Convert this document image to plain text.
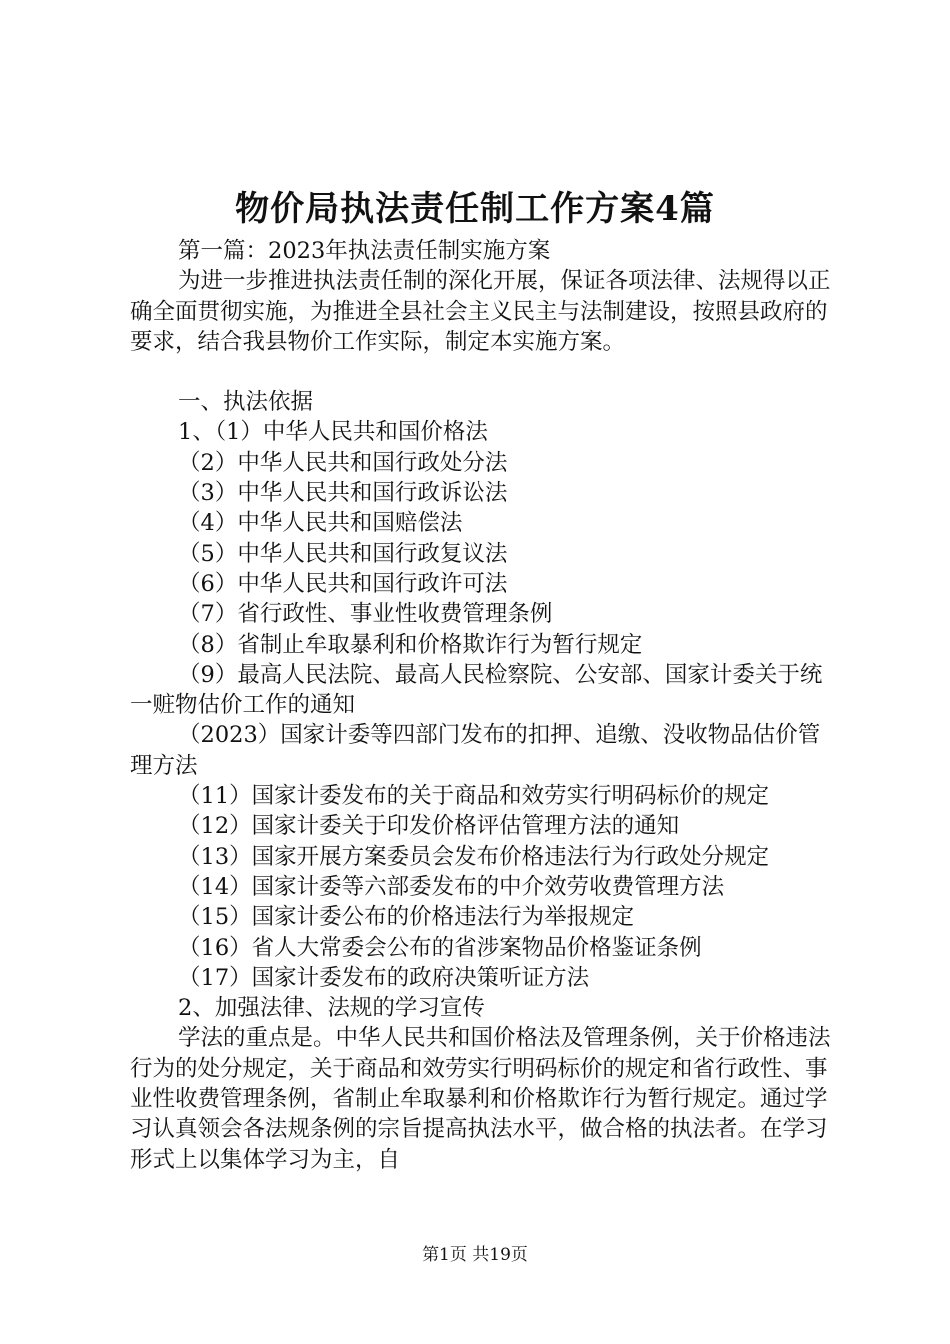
物价局执法责任制工作方案4篇

第一篇：2023年执法责任制实施方案

为进一步推进执法责任制的深化开展，保证各项法律、法规得以正确全面贯彻实施，为推进全县社会主义民主与法制建设，按照县政府的要求，结合我县物价工作实际，制定本实施方案。

一、执法依据

1、（1）中华人民共和国价格法

（2）中华人民共和国行政处分法

（3）中华人民共和国行政诉讼法

（4）中华人民共和国赔偿法

（5）中华人民共和国行政复议法

（6）中华人民共和国行政许可法

（7）省行政性、事业性收费管理条例

（8）省制止牟取暴利和价格欺诈行为暂行规定

（9）最高人民法院、最高人民检察院、公安部、国家计委关于统一赃物估价工作的通知

（2023）国家计委等四部门发布的扣押、追缴、没收物品估价管理方法

（11）国家计委发布的关于商品和效劳实行明码标价的规定

（12）国家计委关于印发价格评估管理方法的通知

（13）国家开展方案委员会发布价格违法行为行政处分规定

（14）国家计委等六部委发布的中介效劳收费管理方法

（15）国家计委公布的价格违法行为举报规定

（16）省人大常委会公布的省涉案物品价格鉴证条例

（17）国家计委发布的政府决策听证方法

2、加强法律、法规的学习宣传

学法的重点是。中华人民共和国价格法及管理条例，关于价格违法行为的处分规定，关于商品和效劳实行明码标价的规定和省行政性、事业性收费管理条例，省制止牟取暴利和价格欺诈行为暂行规定。通过学习认真领会各法规条例的宗旨提高执法水平，做合格的执法者。在学习形式上以集体学习为主，自

第1页 共19页
